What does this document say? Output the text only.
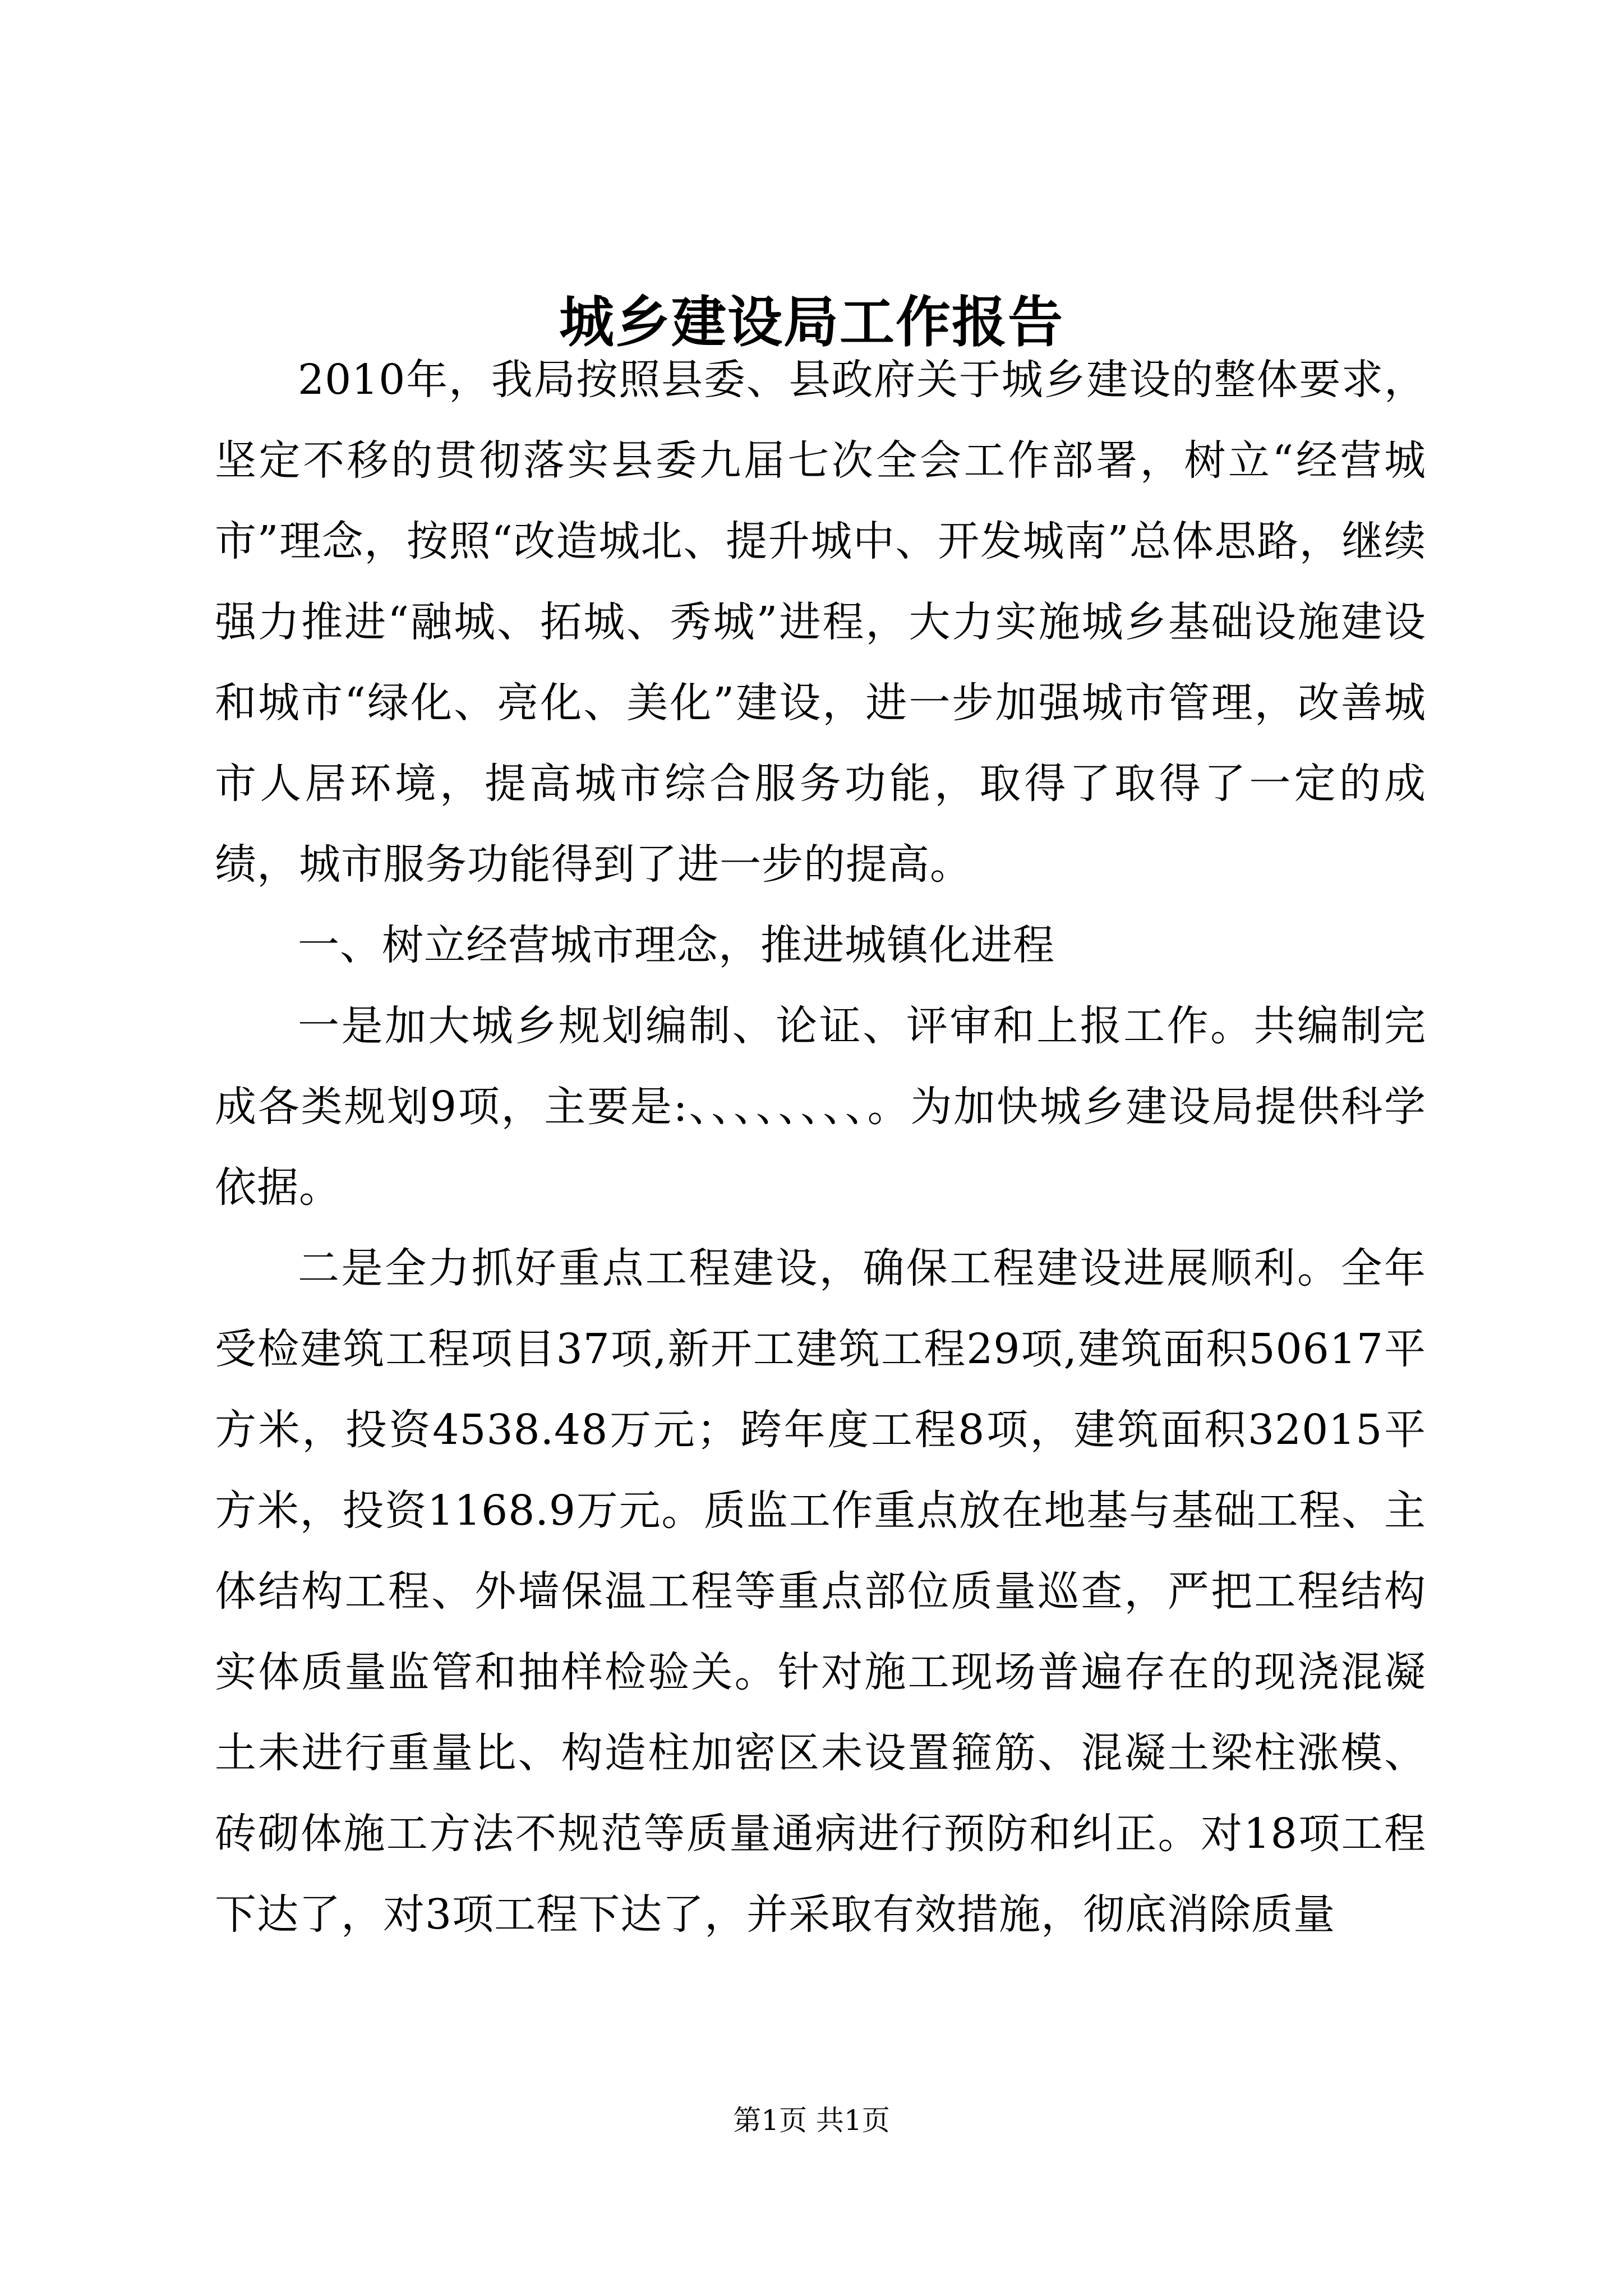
城乡建设局工作报告

2010年，我局按照县委、县政府关于城乡建设的整体要求，坚定不移的贯彻落实县委九届七次全会工作部署，树立“经营城市”理念，按照“改造城北、提升城中、开发城南”总体思路，继续强力推进“融城、拓城、秀城”进程，大力实施城乡基础设施建设和城市“绿化、亮化、美化”建设，进一步加强城市管理，改善城市人居环境，提高城市综合服务功能，取得了取得了一定的成绩，城市服务功能得到了进一步的提高。

一、树立经营城市理念，推进城镇化进程

一是加大城乡规划编制、论证、评审和上报工作。共编制完成各类规划9项，主要是:、、、、、、、、。为加快城乡建设局提供科学依据。

二是全力抓好重点工程建设，确保工程建设进展顺利。全年受检建筑工程项目37项,新开工建筑工程29项,建筑面积50617平方米，投资4538.48万元；跨年度工程8项，建筑面积32015平方米，投资1168.9万元。质监工作重点放在地基与基础工程、主体结构工程、外墙保温工程等重点部位质量巡查，严把工程结构实体质量监管和抽样检验关。针对施工现场普遍存在的现浇混凝土未进行重量比、构造柱加密区未设置箍筋、混凝土梁柱涨模、砖砌体施工方法不规范等质量通病进行预防和纠正。对18项工程下达了，对3项工程下达了，并采取有效措施，彻底消除质量

第1页 共1页
